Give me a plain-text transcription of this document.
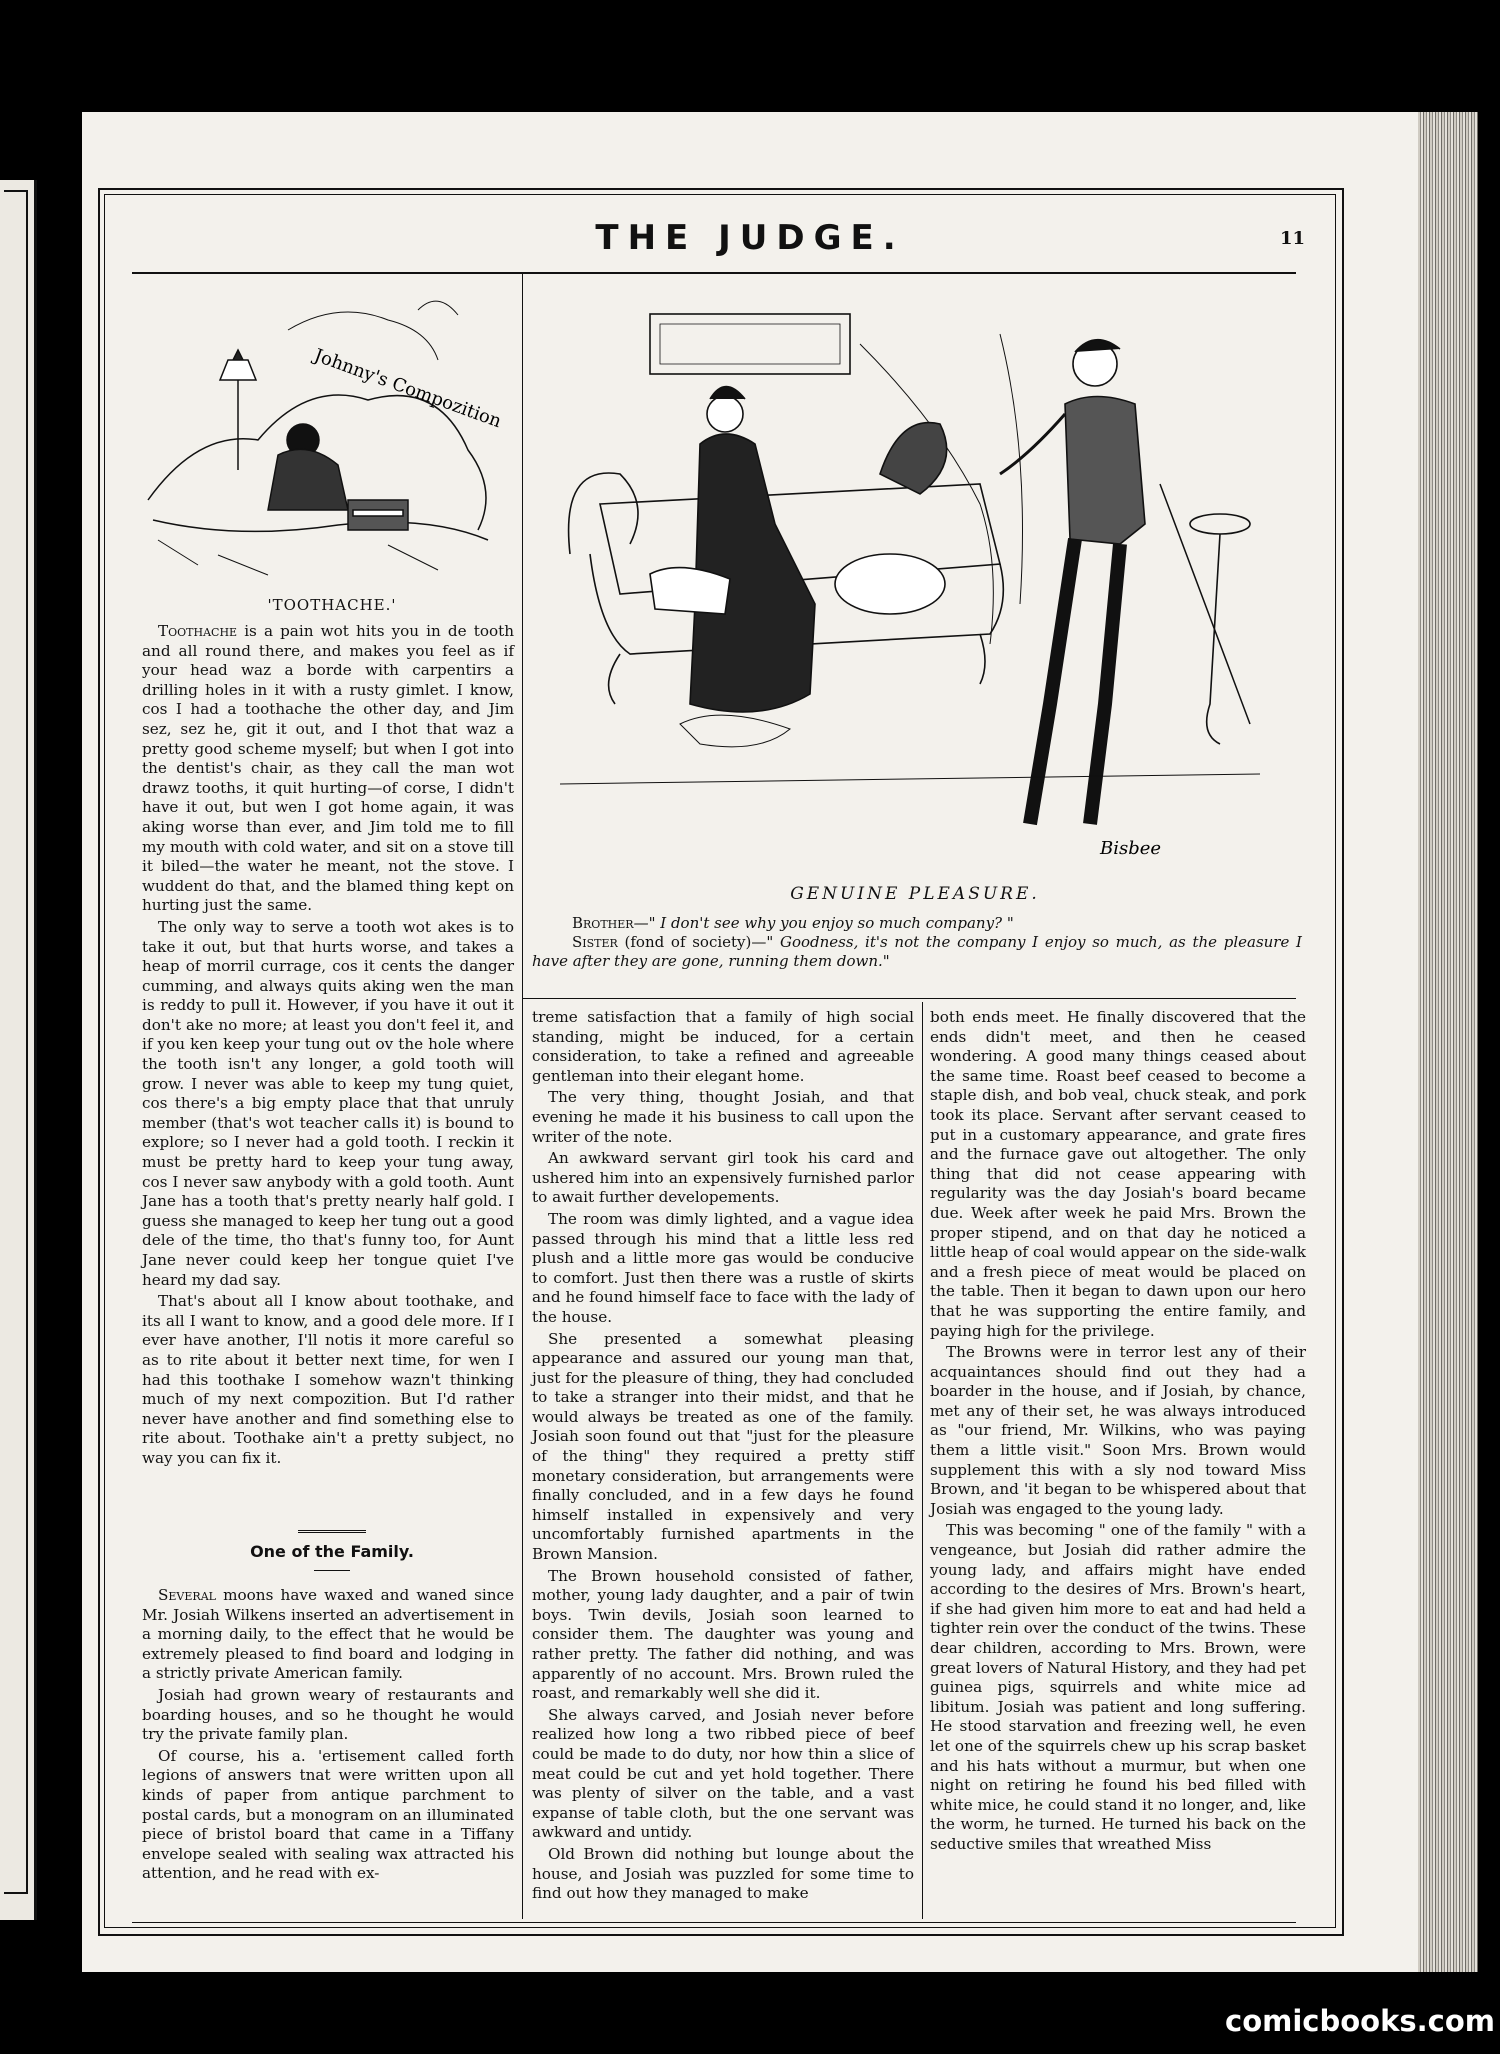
THE JUDGE.	11
Johnny's Compozition
'TOOTHACHE.'

Toothache is a pain wot hits you in de tooth and all round there, and makes you feel as if your head waz a borde with carpentirs a drilling holes in it with a rusty gimlet. I know, cos I had a toothache the other day, and Jim sez, sez he, git it out, and I thot that waz a pretty good scheme myself; but when I got into the dentist's chair, as they call the man wot drawz tooths, it quit hurting—of corse, I didn't have it out, but wen I got home again, it was aking worse than ever, and Jim told me to fill my mouth with cold water, and sit on a stove till it biled—the water he meant, not the stove. I wuddent do that, and the blamed thing kept on hurting just the same.

The only way to serve a tooth wot akes is to take it out, but that hurts worse, and takes a heap of morril currage, cos it cents the danger cumming, and always quits aking wen the man is reddy to pull it. However, if you have it out it don't ake no more; at least you don't feel it, and if you ken keep your tung out ov the hole where the tooth isn't any longer, a gold tooth will grow. I never was able to keep my tung quiet, cos there's a big empty place that that unruly member (that's wot teacher calls it) is bound to explore; so I never had a gold tooth. I reckin it must be pretty hard to keep your tung away, cos I never saw anybody with a gold tooth. Aunt Jane has a tooth that's pretty nearly half gold. I guess she managed to keep her tung out a good dele of the time, tho that's funny too, for Aunt Jane never could keep her tongue quiet I've heard my dad say.

That's about all I know about toothake, and its all I want to know, and a good dele more. If I ever have another, I'll notis it more careful so as to rite about it better next time, for wen I had this toothake I somehow wazn't thinking much of my next compozition. But I'd rather never have another and find something else to rite about. Toothake ain't a pretty subject, no way you can fix it.

One of the Family.

Several moons have waxed and waned since Mr. Josiah Wilkens inserted an advertisement in a morning daily, to the effect that he would be extremely pleased to find board and lodging in a strictly private American family.

Josiah had grown weary of restaurants and boarding houses, and so he thought he would try the private family plan.

Of course, his a. 'ertisement called forth legions of answers tnat were written upon all kinds of paper from antique parchment to postal cards, but a monogram on an illuminated piece of bristol board that came in a Tiffany envelope sealed with sealing wax attracted his attention, and he read with ex-

Bisbee
GENUINE PLEASURE.

Brother—" I don't see why you enjoy so much company? "

Sister (fond of society)—" Goodness, it's not the company I enjoy so much, as the pleasure I have after they are gone, running them down."

treme satisfaction that a family of high social standing, might be induced, for a certain consideration, to take a refined and agreeable gentleman into their elegant home.

The very thing, thought Josiah, and that evening he made it his business to call upon the writer of the note.

An awkward servant girl took his card and ushered him into an expensively furnished parlor to await further developements.

The room was dimly lighted, and a vague idea passed through his mind that a little less red plush and a little more gas would be conducive to comfort. Just then there was a rustle of skirts and he found himself face to face with the lady of the house.

She presented a somewhat pleasing appearance and assured our young man that, just for the pleasure of thing, they had concluded to take a stranger into their midst, and that he would always be treated as one of the family. Josiah soon found out that "just for the pleasure of the thing" they required a pretty stiff monetary consideration, but arrangements were finally concluded, and in a few days he found himself installed in expensively and very uncomfortably furnished apartments in the Brown Mansion.

The Brown household consisted of father, mother, young lady daughter, and a pair of twin boys. Twin devils, Josiah soon learned to consider them. The daughter was young and rather pretty. The father did nothing, and was apparently of no account. Mrs. Brown ruled the roast, and remarkably well she did it.

She always carved, and Josiah never before realized how long a two ribbed piece of beef could be made to do duty, nor how thin a slice of meat could be cut and yet hold together. There was plenty of silver on the table, and a vast expanse of table cloth, but the one servant was awkward and untidy.

Old Brown did nothing but lounge about the house, and Josiah was puzzled for some time to find out how they managed to make

both ends meet. He finally discovered that the ends didn't meet, and then he ceased wondering. A good many things ceased about the same time. Roast beef ceased to become a staple dish, and bob veal, chuck steak, and pork took its place. Servant after servant ceased to put in a customary appearance, and grate fires and the furnace gave out altogether. The only thing that did not cease appearing with regularity was the day Josiah's board became due. Week after week he paid Mrs. Brown the proper stipend, and on that day he noticed a little heap of coal would appear on the side-walk and a fresh piece of meat would be placed on the table. Then it began to dawn upon our hero that he was supporting the entire family, and paying high for the privilege.

The Browns were in terror lest any of their acquaintances should find out they had a boarder in the house, and if Josiah, by chance, met any of their set, he was always introduced as "our friend, Mr. Wilkins, who was paying them a little visit." Soon Mrs. Brown would supplement this with a sly nod toward Miss Brown, and 'it began to be whispered about that Josiah was engaged to the young lady.

This was becoming " one of the family " with a vengeance, but Josiah did rather admire the young lady, and affairs might have ended according to the desires of Mrs. Brown's heart, if she had given him more to eat and had held a tighter rein over the conduct of the twins. These dear children, according to Mrs. Brown, were great lovers of Natural History, and they had pet guinea pigs, squirrels and white mice ad libitum. Josiah was patient and long suffering. He stood starvation and freezing well, he even let one of the squirrels chew up his scrap basket and his hats without a murmur, but when one night on retiring he found his bed filled with white mice, he could stand it no longer, and, like the worm, he turned. He turned his back on the seductive smiles that wreathed Miss

comicbooks.com
